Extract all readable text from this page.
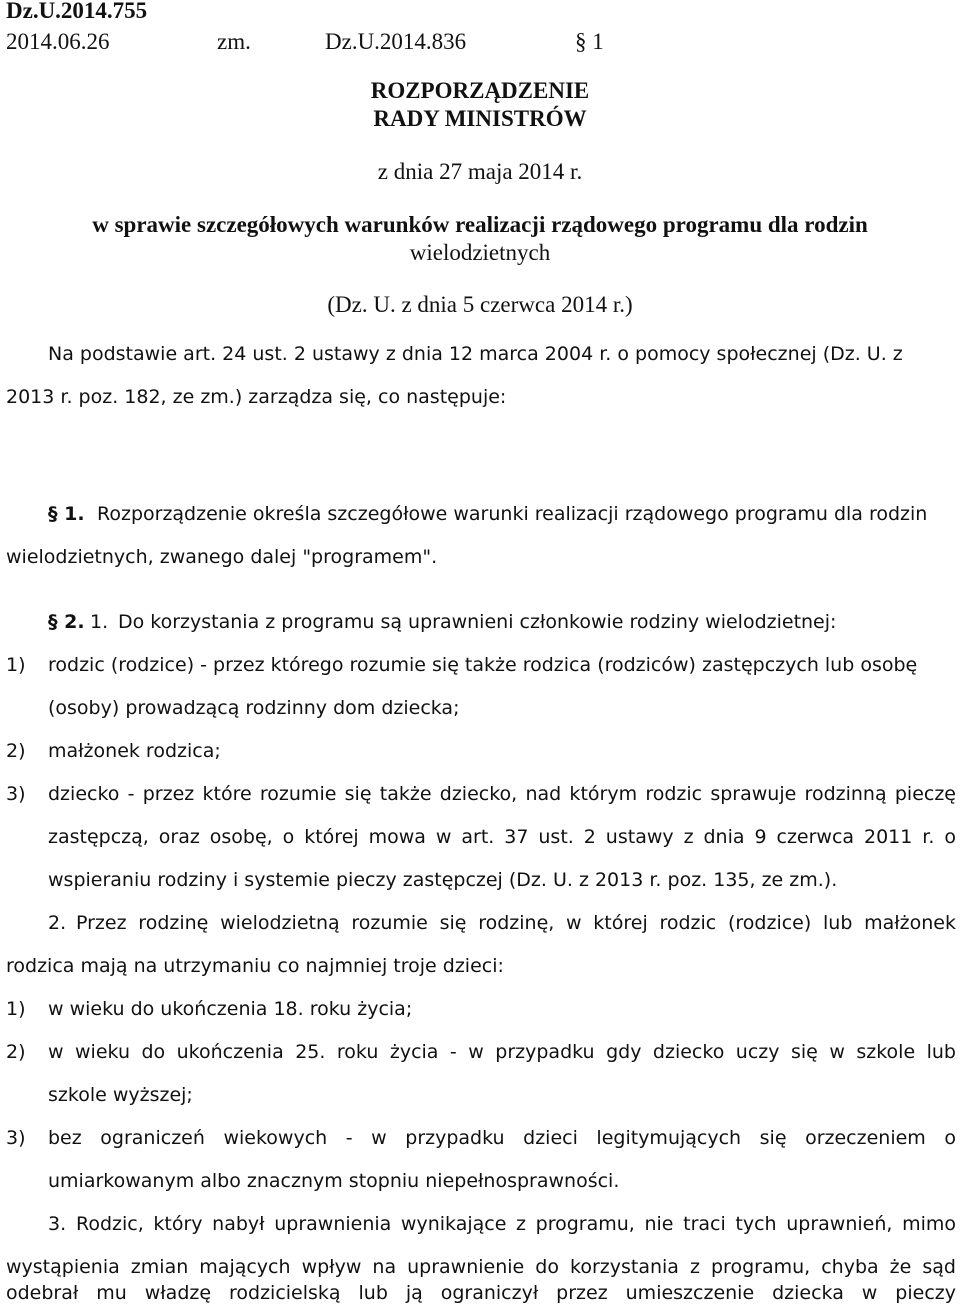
Dz.U.2014.755
2014.06.26	zm.	Dz.U.2014.836	§ 1
ROZPORZĄDZENIE
RADY MINISTRÓW
z dnia 27 maja 2014 r.
w sprawie szczegółowych warunków realizacji rządowego programu dla rodzin
wielodzietnych
(Dz. U. z dnia 5 czerwca 2014 r.)
Na podstawie art. 24 ust. 2 ustawy z dnia 12 marca 2004 r. o pomocy społecznej (Dz. U. z
2013 r. poz. 182, ze zm.) zarządza się, co następuje:
§ 1. Rozporządzenie określa szczegółowe warunki realizacji rządowego programu dla rodzin
wielodzietnych, zwanego dalej "programem".
§ 2. 1. Do korzystania z programu są uprawnieni członkowie rodziny wielodzietnej:
1) rodzic (rodzice) - przez którego rozumie się także rodzica (rodziców) zastępczych lub osobę
(osoby) prowadzącą rodzinny dom dziecka;
2) małżonek rodzica;
3) dziecko - przez które rozumie się także dziecko, nad którym rodzic sprawuje rodzinną pieczę
zastępczą, oraz osobę, o której mowa w art. 37 ust. 2 ustawy z dnia 9 czerwca 2011 r. o
wspieraniu rodziny i systemie pieczy zastępczej (Dz. U. z 2013 r. poz. 135, ze zm.).
2. Przez rodzinę wielodzietną rozumie się rodzinę, w której rodzic (rodzice) lub małżonek
rodzica mają na utrzymaniu co najmniej troje dzieci:
1) w wieku do ukończenia 18. roku życia;
2) w wieku do ukończenia 25. roku życia - w przypadku gdy dziecko uczy się w szkole lub
szkole wyższej;
3) bez ograniczeń wiekowych - w przypadku dzieci legitymujących się orzeczeniem o
umiarkowanym albo znacznym stopniu niepełnosprawności.
3. Rodzic, który nabył uprawnienia wynikające z programu, nie traci tych uprawnień, mimo
wystąpienia zmian mających wpływ na uprawnienie do korzystania z programu, chyba że sąd
odebrał mu władzę rodzicielską lub ją ograniczył przez umieszczenie dziecka w pieczy
